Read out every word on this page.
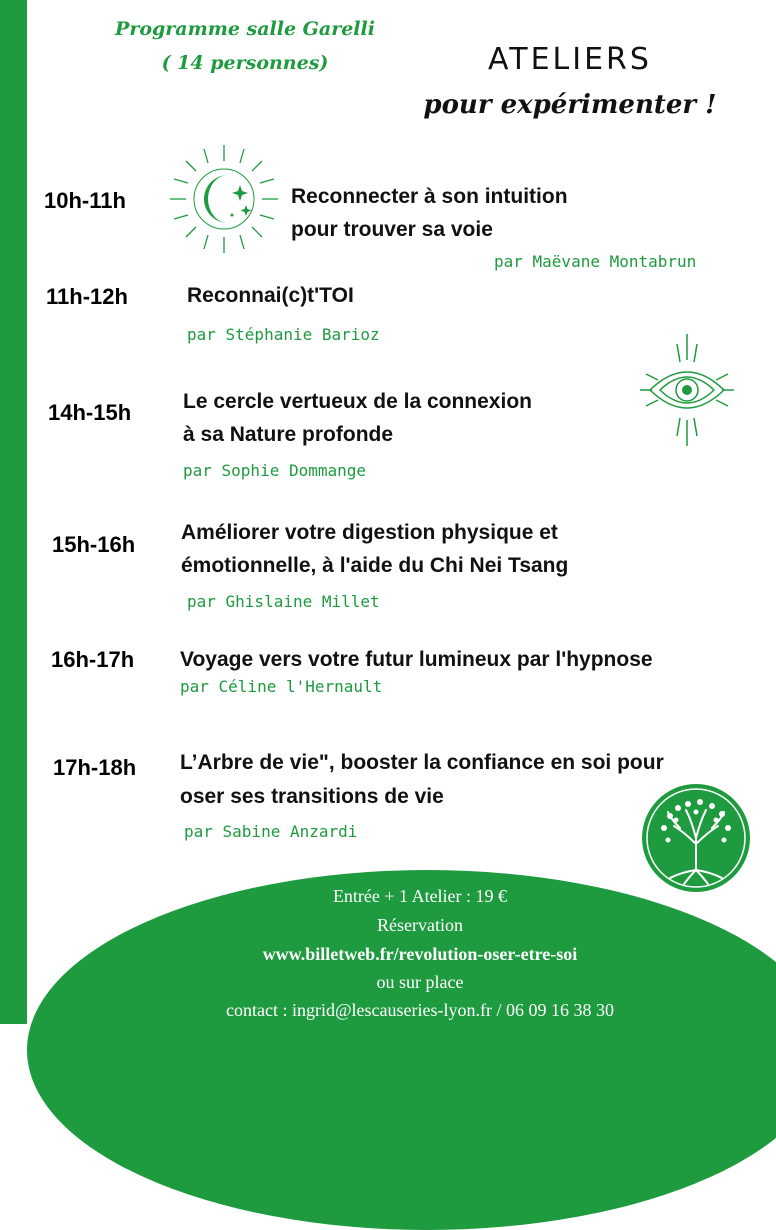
Programme salle Garelli
( 14 personnes)	ATELIERS
pour expérimenter !
10h-11h	Reconnecter à son intuition
pour trouver sa voie
par Maëvane Montabrun
11h-12h	Reconnai(c)t'TOI
par Stéphanie Barioz
14h-15h Le cercle vertueux de la connexion
à sa Nature profonde
par Sophie Dommange
15h-16h Améliorer votre digestion physique et
émotionnelle, à l'aide du Chi Nei Tsang
par Ghislaine Millet
16h-17h Voyage vers votre futur lumineux par l'hypnose
par Céline l'Hernault
17h-18h L’Arbre de vie", booster la confiance en soi pour
oser ses transitions de vie
par Sabine Anzardi
Entrée + 1 Atelier : 19 €
Réservation
www.billetweb.fr/revolution-oser-etre-soi
ou sur place
contact : ingrid@lescauseries-lyon.fr / 06 09 16 38 30
